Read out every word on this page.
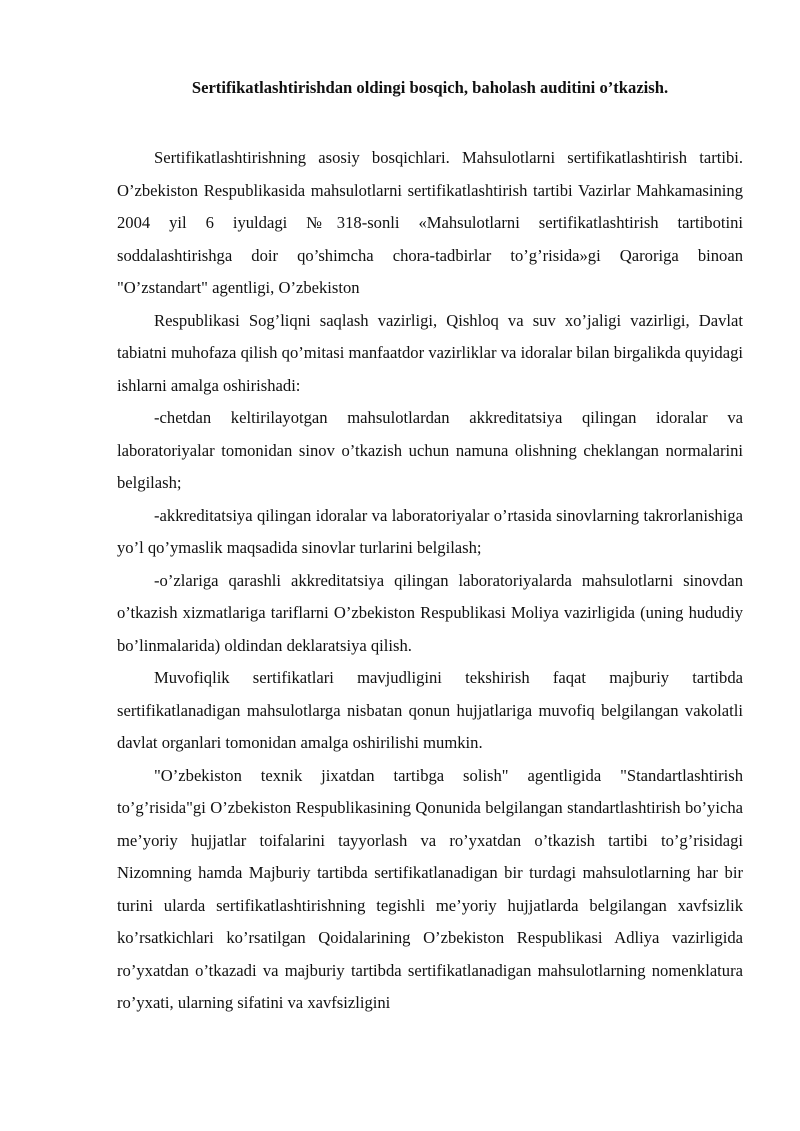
Sertifikatlashtirishdan oldingi bosqich, baholash auditini o’tkazish.

Sertifikatlashtirishning asosiy bosqichlari. Mahsulotlarni sertifikatlashtirish tartibi. O’zbekiston Respublikasida mahsulotlarni sertifikatlashtirish tartibi Vazirlar Mahkamasining 2004 yil 6 iyuldagi №318-sonli «Mahsulotlarni sertifikatlashtirish tartibotini soddalashtirishga doir qo’shimcha chora-tadbirlar to’g’risida»gi Qaroriga binoan "O’zstandart" agentligi, O’zbekiston

Respublikasi Sog’liqni saqlash vazirligi, Qishloq va suv xo’jaligi vazirligi, Davlat tabiatni muhofaza qilish qo’mitasi manfaatdor vazirliklar va idoralar bilan birgalikda quyidagi ishlarni amalga oshirishadi:

-chetdan keltirilayotgan mahsulotlardan akkreditatsiya qilingan idoralar va laboratoriyalar tomonidan sinov o’tkazish uchun namuna olishning cheklangan normalarini belgilash;

-akkreditatsiya qilingan idoralar va laboratoriyalar o’rtasida sinovlarning takrorlanishiga yo’l qo’ymaslik maqsadida sinovlar turlarini belgilash;

-o’zlariga qarashli akkreditatsiya qilingan laboratoriyalarda mahsulotlarni sinovdan o’tkazish xizmatlariga tariflarni O’zbekiston Respublikasi Moliya vazirligida (uning hududiy bo’linmalarida) oldindan deklaratsiya qilish.

Muvofiqlik sertifikatlari mavjudligini tekshirish faqat majburiy tartibda sertifikatlanadigan mahsulotlarga nisbatan qonun hujjatlariga muvofiq belgilangan vakolatli davlat organlari tomonidan amalga oshirilishi mumkin.

"O’zbekiston texnik jixatdan tartibga solish" agentligida "Standartlashtirish to’g’risida"gi O’zbekiston Respublikasining Qonunida belgilangan standartlashtirish bo’yicha me’yoriy hujjatlar toifalarini tayyorlash va ro’yxatdan o’tkazish tartibi to’g’risidagi Nizomning hamda Majburiy tartibda sertifikatlanadigan bir turdagi mahsulotlarning har bir turini ularda sertifikatlashtirishning tegishli me’yoriy hujjatlarda belgilangan xavfsizlik ko’rsatkichlari ko’rsatilgan Qoidalarining O’zbekiston Respublikasi Adliya vazirligida ro’yxatdan o’tkazadi va majburiy tartibda sertifikatlanadigan mahsulotlarning nomenklatura ro’yxati, ularning sifatini va xavfsizligini
